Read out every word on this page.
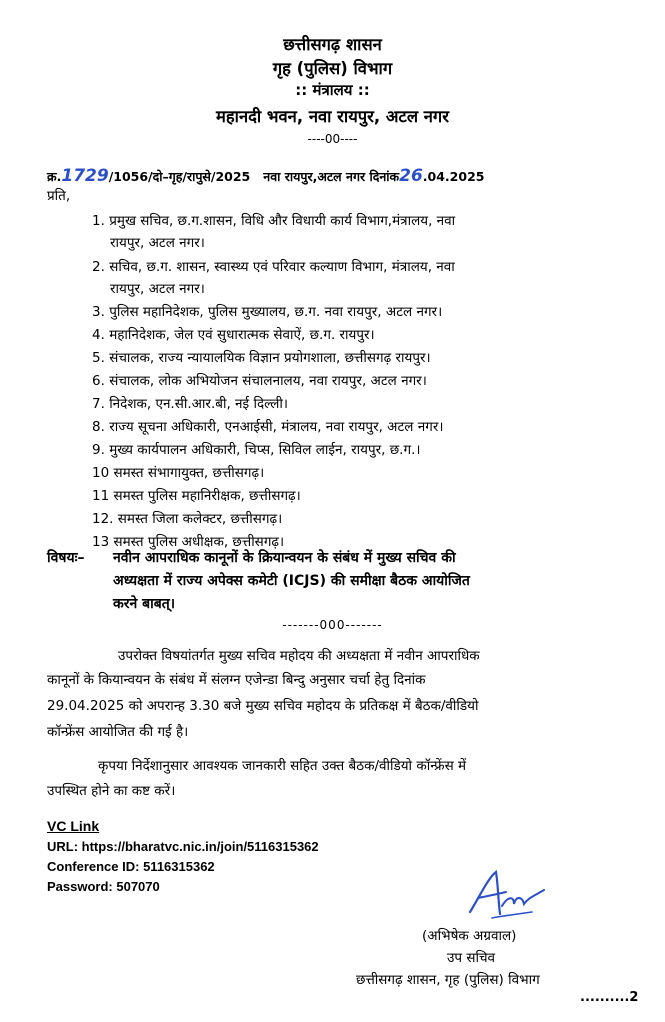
छत्तीसगढ़ शासन
गृह (पुलिस) विभाग
:: मंत्रालय ::
महानदी भवन, नवा रायपुर, अटल नगर
----00----
क्र.1729/1056/दो–गृह/रापुसे/2025 नवा रायपुर,अटल नगर दिनांक26.04.2025
प्रति,
1. प्रमुख सचिव, छ.ग.शासन, विधि और विधायी कार्य विभाग,मंत्रालय, नवा
रायपुर, अटल नगर।
2. सचिव, छ.ग. शासन, स्वास्थ्य एवं परिवार कल्याण विभाग, मंत्रालय, नवा
रायपुर, अटल नगर।
3. पुलिस महानिदेशक, पुलिस मुख्यालय, छ.ग. नवा रायपुर, अटल नगर।
4. महानिदेशक, जेल एवं सुधारात्मक सेवाऐं, छ.ग. रायपुर।
5. संचालक, राज्य न्यायालयिक विज्ञान प्रयोगशाला, छत्तीसगढ़ रायपुर।
6. संचालक, लोक अभियोजन संचालनालय, नवा रायपुर, अटल नगर।
7. निदेशक, एन.सी.आर.बी, नई दिल्ली।
8. राज्य सूचना अधिकारी, एनआईसी, मंत्रालय, नवा रायपुर, अटल नगर।
9. मुख्य कार्यपालन अधिकारी, चिप्स, सिविल लाईन, रायपुर, छ.ग.।
10 समस्त संभागायुक्त, छत्तीसगढ़।
11 समस्त पुलिस महानिरीक्षक, छत्तीसगढ़।
12. समस्त जिला कलेक्टर, छत्तीसगढ़।
13 समस्त पुलिस अधीक्षक, छत्तीसगढ़।
विषयः– नवीन आपराधिक कानूनों के क्रियान्वयन के संबंध में मुख्य सचिव की
अध्यक्षता में राज्य अपेक्स कमेटी (ICJS) की समीक्षा बैठक आयोजित
करने बाबत्।
-------000-------
उपरोक्त विषयांतर्गत मुख्य सचिव महोदय की अध्यक्षता में नवीन आपराधिक
कानूनों के कियान्वयन के संबंध में संलग्न एजेन्डा बिन्दु अनुसार चर्चा हेतु दिनांक
29.04.2025 को अपरान्ह 3.30 बजे मुख्य सचिव महोदय के प्रतिकक्ष में बैठक/वीडियो
कॉन्फ्रेंस आयोजित की गई है।
कृपया निर्देशानुसार आवश्यक जानकारी सहित उक्त बैठक/वीडियो कॉन्फ्रेंस में
उपस्थित होने का कष्ट करें।
VC Link
URL: https://bharatvc.nic.in/join/5116315362
Conference ID: 5116315362
Password: 507070
(अभिषेक अग्रवाल)
उप सचिव
छत्तीसगढ़ शासन, गृह (पुलिस) विभाग
..........2
